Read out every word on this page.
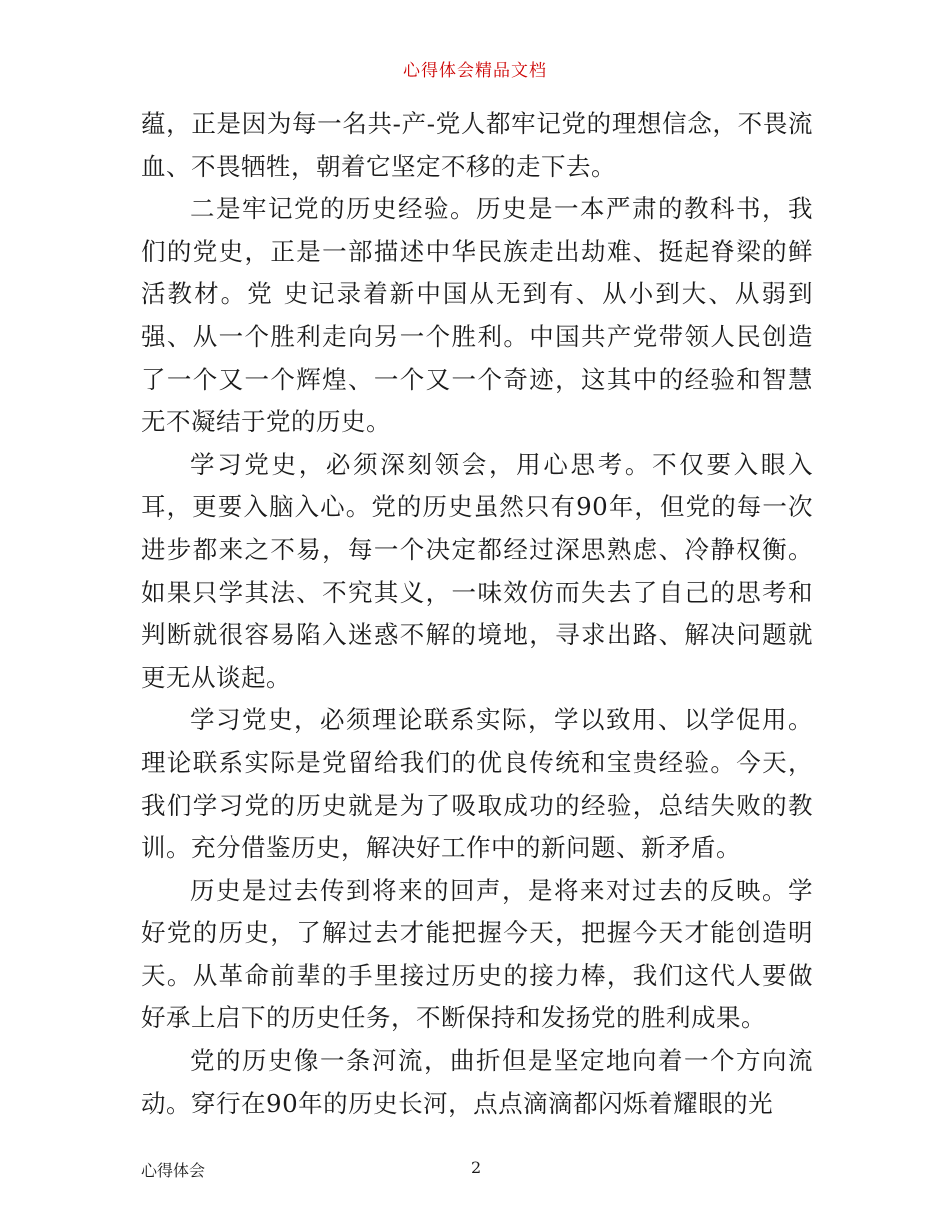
心得体会精品文档

蕴，正是因为每一名共-产-党人都牢记党的理想信念，不畏流血、不畏牺牲，朝着它坚定不移的走下去。

二是牢记党的历史经验。历史是一本严肃的教科书，我们的党史，正是一部描述中华民族走出劫难、挺起脊梁的鲜活教材。党 史记录着新中国从无到有、从小到大、从弱到强、从一个胜利走向另一个胜利。中国共产党带领人民创造了一个又一个辉煌、一个又一个奇迹，这其中的经验和智慧无不凝结于党的历史。

学习党史，必须深刻领会，用心思考。不仅要入眼入耳，更要入脑入心。党的历史虽然只有90年，但党的每一次进步都来之不易，每一个决定都经过深思熟虑、冷静权衡。如果只学其法、不究其义，一味效仿而失去了自己的思考和判断就很容易陷入迷惑不解的境地，寻求出路、解决问题就更无从谈起。

学习党史，必须理论联系实际，学以致用、以学促用。理论联系实际是党留给我们的优良传统和宝贵经验。今天，我们学习党的历史就是为了吸取成功的经验，总结失败的教训。充分借鉴历史，解决好工作中的新问题、新矛盾。

历史是过去传到将来的回声，是将来对过去的反映。学好党的历史，了解过去才能把握今天，把握今天才能创造明天。从革命前辈的手里接过历史的接力棒，我们这代人要做好承上启下的历史任务，不断保持和发扬党的胜利成果。

党的历史像一条河流，曲折但是坚定地向着一个方向流动。穿行在90年的历史长河，点点滴滴都闪烁着耀眼的光

心得体会	2
